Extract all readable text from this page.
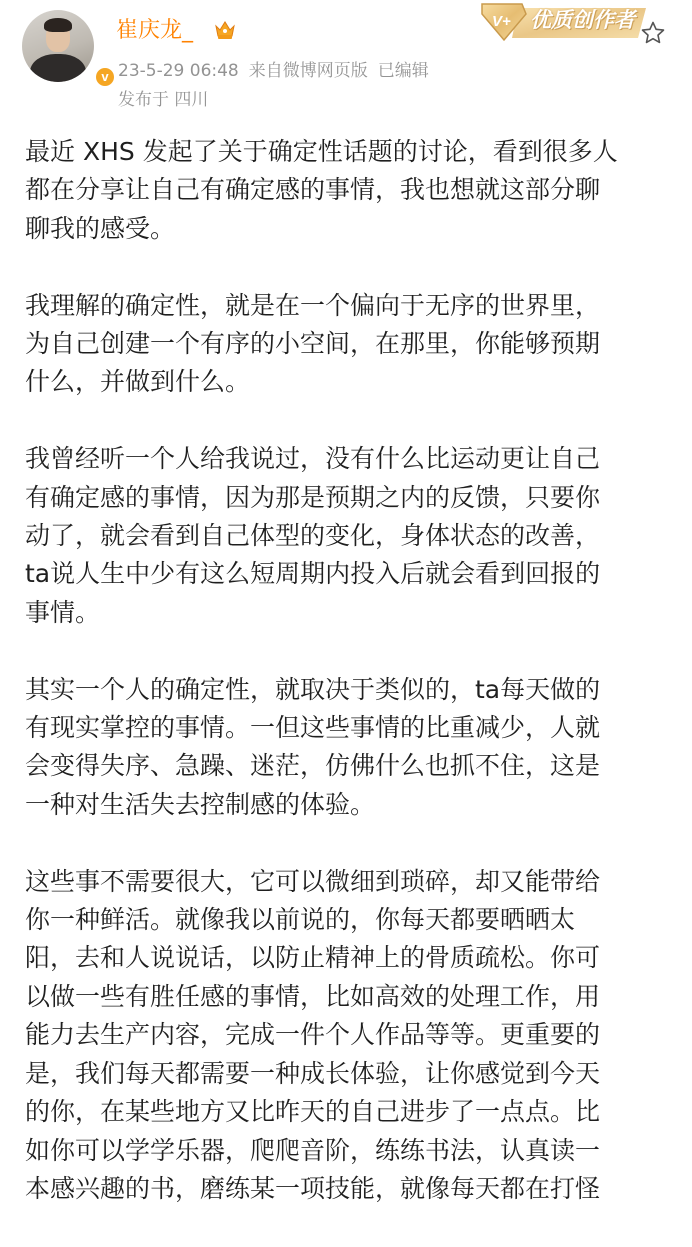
v
崔庆龙_
23-5-29 06:48 来自微博网页版 已编辑
发布于 四川
V+ 优质创作者

最近 XHS 发起了关于确定性话题的讨论，看到很多人
都在分享让自己有确定感的事情，我也想就这部分聊
聊我的感受。

我理解的确定性，就是在一个偏向于无序的世界里，
为自己创建一个有序的小空间，在那里，你能够预期
什么，并做到什么。

我曾经听一个人给我说过，没有什么比运动更让自己
有确定感的事情，因为那是预期之内的反馈，只要你
动了，就会看到自己体型的变化，身体状态的改善，
ta说人生中少有这么短周期内投入后就会看到回报的
事情。

其实一个人的确定性，就取决于类似的，ta每天做的
有现实掌控的事情。一但这些事情的比重减少，人就
会变得失序、急躁、迷茫，仿佛什么也抓不住，这是
一种对生活失去控制感的体验。

这些事不需要很大，它可以微细到琐碎，却又能带给
你一种鲜活。就像我以前说的，你每天都要晒晒太
阳，去和人说说话，以防止精神上的骨质疏松。你可
以做一些有胜任感的事情，比如高效的处理工作，用
能力去生产内容，完成一件个人作品等等。更重要的
是，我们每天都需要一种成长体验，让你感觉到今天
的你，在某些地方又比昨天的自己进步了一点点。比
如你可以学学乐器，爬爬音阶，练练书法，认真读一
本感兴趣的书，磨练某一项技能，就像每天都在打怪
